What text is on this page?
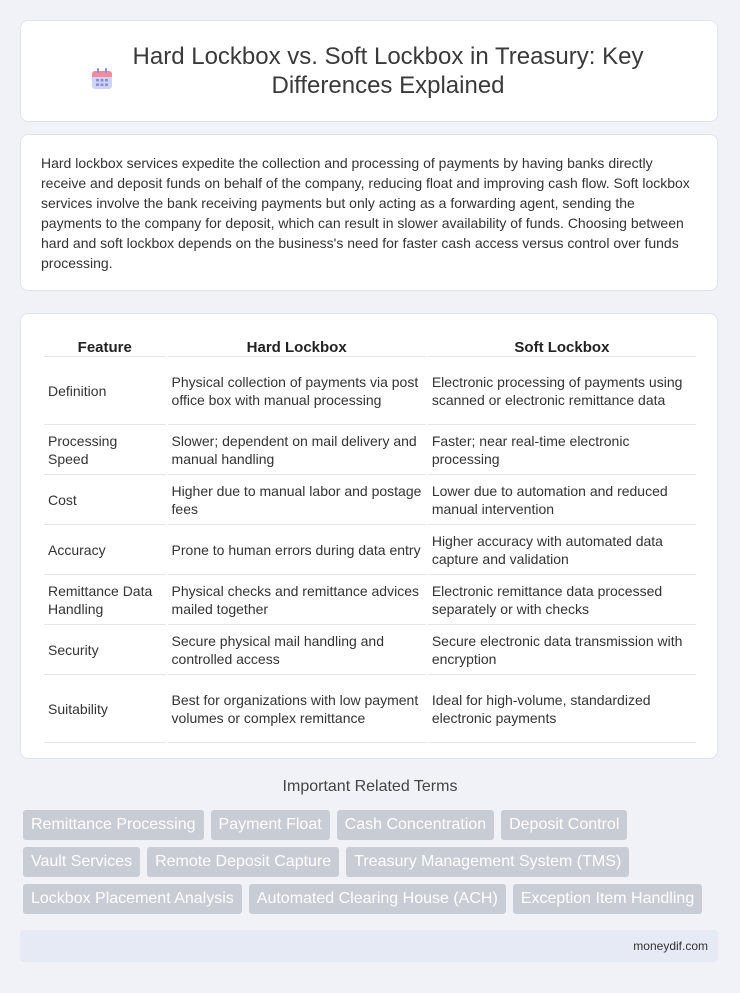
Hard Lockbox vs. Soft Lockbox in Treasury: Key Differences Explained

Hard lockbox services expedite the collection and processing of payments by having banks directly receive and deposit funds on behalf of the company, reducing float and improving cash flow. Soft lockbox services involve the bank receiving payments but only acting as a forwarding agent, sending the payments to the company for deposit, which can result in slower availability of funds. Choosing between hard and soft lockbox depends on the business's need for faster cash access versus control over funds processing.

Feature	Hard Lockbox	Soft Lockbox
Definition	Physical collection of payments via post office box with manual processing	Electronic processing of payments using scanned or electronic remittance data
Processing Speed	Slower; dependent on mail delivery and manual handling	Faster; near real-time electronic processing
Cost	Higher due to manual labor and postage fees	Lower due to automation and reduced manual intervention
Accuracy	Prone to human errors during data entry	Higher accuracy with automated data capture and validation
Remittance Data Handling	Physical checks and remittance advices mailed together	Electronic remittance data processed separately or with checks
Security	Secure physical mail handling and controlled access	Secure electronic data transmission with encryption
Suitability	Best for organizations with low payment volumes or complex remittance	Ideal for high-volume, standardized electronic payments
Important Related Terms
Remittance Processing	Payment Float	Cash Concentration	Deposit Control
Vault Services	Remote Deposit Capture	Treasury Management System (TMS)
Lockbox Placement Analysis	Automated Clearing House (ACH)	Exception Item Handling
moneydif.com
